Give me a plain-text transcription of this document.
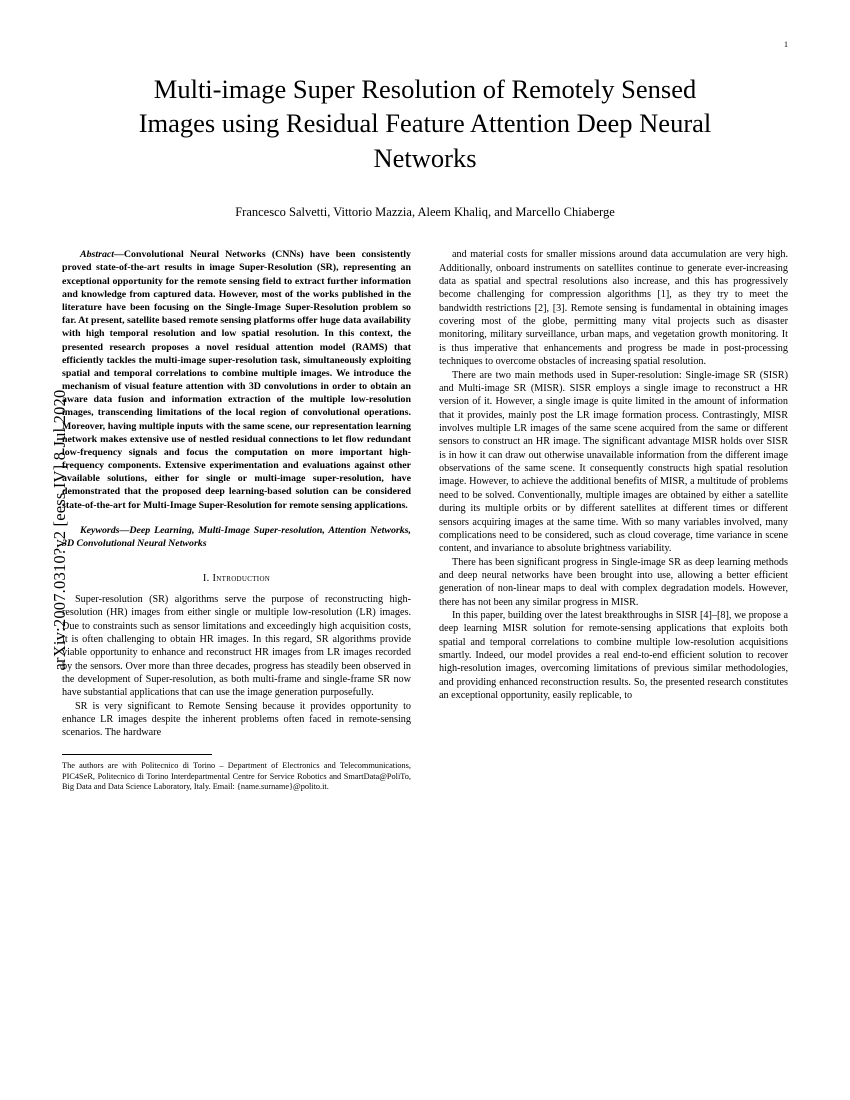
1
arXiv:2007.0310?v2 [eess.IV] 8 Jul 2020
Multi-image Super Resolution of Remotely Sensed Images using Residual Feature Attention Deep Neural Networks
Francesco Salvetti, Vittorio Mazzia, Aleem Khaliq, and Marcello Chiaberge
Abstract—Convolutional Neural Networks (CNNs) have been consistently proved state-of-the-art results in image Super-Resolution (SR), representing an exceptional opportunity for the remote sensing field to extract further information and knowledge from captured data. However, most of the works published in the literature have been focusing on the Single-Image Super-Resolution problem so far. At present, satellite based remote sensing platforms offer huge data availability with high temporal resolution and low spatial resolution. In this context, the presented research proposes a novel residual attention model (RAMS) that efficiently tackles the multi-image super-resolution task, simultaneously exploiting spatial and temporal correlations to combine multiple images. We introduce the mechanism of visual feature attention with 3D convolutions in order to obtain an aware data fusion and information extraction of the multiple low-resolution images, transcending limitations of the local region of convolutional operations. Moreover, having multiple inputs with the same scene, our representation learning network makes extensive use of nestled residual connections to let flow redundant low-frequency signals and focus the computation on more important high-frequency components. Extensive experimentation and evaluations against other available solutions, either for single or multi-image super-resolution, have demonstrated that the proposed deep learning-based solution can be considered state-of-the-art for Multi-Image Super-Resolution for remote sensing applications.
Keywords—Deep Learning, Multi-Image Super-resolution, Attention Networks, 3D Convolutional Neural Networks
I. Introduction

Super-resolution (SR) algorithms serve the purpose of reconstructing high-resolution (HR) images from either single or multiple low-resolution (LR) images. Due to constraints such as sensor limitations and exceedingly high acquisition costs, it is often challenging to obtain HR images. In this regard, SR algorithms provide viable opportunity to enhance and reconstruct HR images from LR images recorded by the sensors. Over more than three decades, progress has steadily been observed in the development of Super-resolution, as both multi-frame and single-frame SR now have substantial applications that can use the image generation purposefully.

SR is very significant to Remote Sensing because it provides opportunity to enhance LR images despite the inherent problems often faced in remote-sensing scenarios. The hardware

The authors are with Politecnico di Torino – Department of Electronics and Telecommunications, PIC4SeR, Politecnico di Torino Interdepartmental Centre for Service Robotics and SmartData@PoliTo, Big Data and Data Science Laboratory, Italy. Email: {name.surname}@polito.it.

and material costs for smaller missions around data accumulation are very high. Additionally, onboard instruments on satellites continue to generate ever-increasing data as spatial and spectral resolutions also increase, and this has progressively become challenging for compression algorithms [1], as they try to meet the bandwidth restrictions [2], [3]. Remote sensing is fundamental in obtaining images covering most of the globe, permitting many vital projects such as disaster monitoring, military surveillance, urban maps, and vegetation growth monitoring. It is thus imperative that enhancements and progress be made in post-processing techniques to overcome obstacles of increasing spatial resolution.

There are two main methods used in Super-resolution: Single-image SR (SISR) and Multi-image SR (MISR). SISR employs a single image to reconstruct a HR version of it. However, a single image is quite limited in the amount of information that it provides, mainly post the LR image formation process. Contrastingly, MISR involves multiple LR images of the same scene acquired from the same or different sensors to construct an HR image. The significant advantage MISR holds over SISR is in how it can draw out otherwise unavailable information from the different image observations of the same scene. It consequently constructs high spatial resolution image. However, to achieve the additional benefits of MISR, a multitude of problems need to be solved. Conventionally, multiple images are obtained by either a satellite during its multiple orbits or by different satellites at different times or different sensors acquiring images at the same time. With so many variables involved, many complications need to be considered, such as cloud coverage, time variance in scene content, and invariance to absolute brightness variability.

There has been significant progress in Single-image SR as deep learning methods and deep neural networks have been brought into use, allowing a better efficient generation of non-linear maps to deal with complex degradation models. However, there has not been any similar progress in MISR.

In this paper, building over the latest breakthroughs in SISR [4]–[8], we propose a deep learning MISR solution for remote-sensing applications that exploits both spatial and temporal correlations to combine multiple low-resolution acquisitions smartly. Indeed, our model provides a real end-to-end efficient solution to recover high-resolution images, overcoming limitations of previous similar methodologies, and providing enhanced reconstruction results. So, the presented research constitutes an exceptional opportunity, easily replicable, to
